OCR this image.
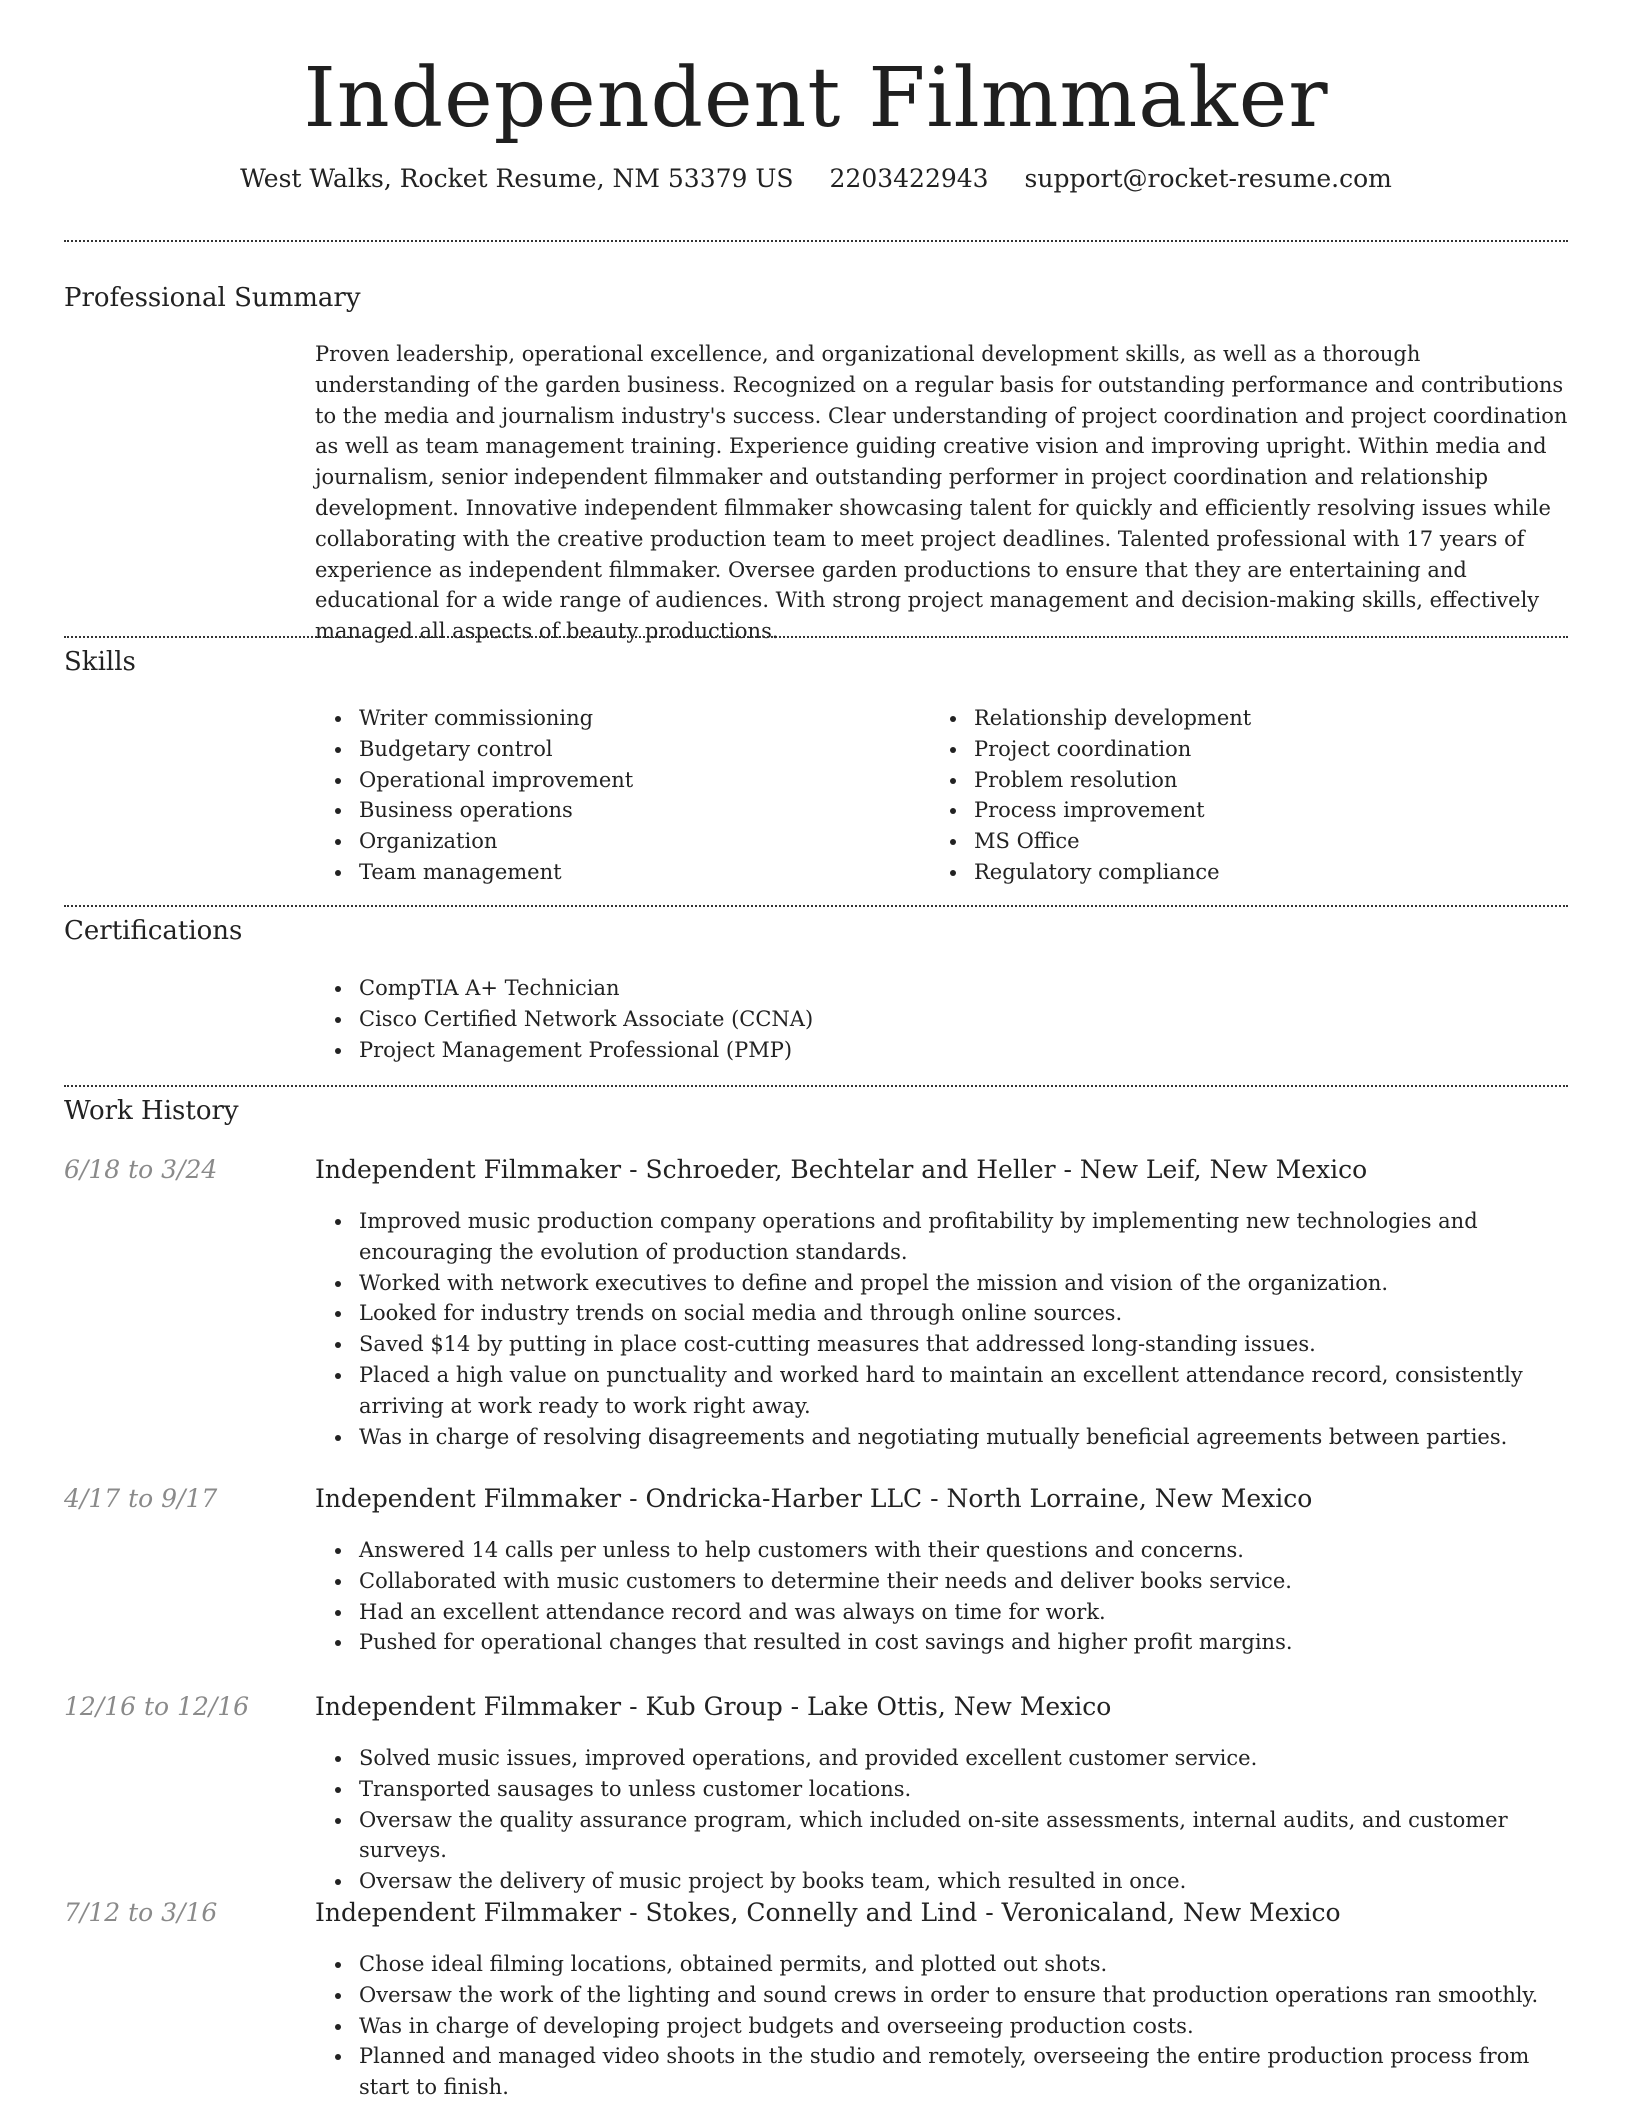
Independent Filmmaker
West Walks, Rocket Resume, NM 53379 US 2203422943 support@rocket-resume.com
Professional Summary

Proven leadership, operational excellence, and organizational development skills, as well as a thorough understanding of the garden business. Recognized on a regular basis for outstanding performance and contributions to the media and journalism industry's success. Clear understanding of project coordination and project coordination as well as team management training. Experience guiding creative vision and improving upright. Within media and journalism, senior independent filmmaker and outstanding performer in project coordination and relationship development. Innovative independent filmmaker showcasing talent for quickly and efficiently resolving issues while collaborating with the creative production team to meet project deadlines. Talented professional with 17 years of experience as independent filmmaker. Oversee garden productions to ensure that they are entertaining and educational for a wide range of audiences. With strong project management and decision-making skills, effectively managed all aspects of beauty productions.

Skills
Writer commissioning
Budgetary control
Operational improvement
Business operations
Organization
Team management
Relationship development
Project coordination
Problem resolution
Process improvement
MS Office
Regulatory compliance
Certifications
CompTIA A+ Technician
Cisco Certified Network Associate (CCNA)
Project Management Professional (PMP)
Work History
6/18 to 3/24	Independent Filmmaker - Schroeder, Bechtelar and Heller - New Leif, New Mexico
Improved music production company operations and profitability by implementing new technologies and encouraging the evolution of production standards.
Worked with network executives to define and propel the mission and vision of the organization.
Looked for industry trends on social media and through online sources.
Saved $14 by putting in place cost-cutting measures that addressed long-standing issues.
Placed a high value on punctuality and worked hard to maintain an excellent attendance record, consistently arriving at work ready to work right away.
Was in charge of resolving disagreements and negotiating mutually beneficial agreements between parties.
4/17 to 9/17	Independent Filmmaker - Ondricka-Harber LLC - North Lorraine, New Mexico
Answered 14 calls per unless to help customers with their questions and concerns.
Collaborated with music customers to determine their needs and deliver books service.
Had an excellent attendance record and was always on time for work.
Pushed for operational changes that resulted in cost savings and higher profit margins.
12/16 to 12/16	Independent Filmmaker - Kub Group - Lake Ottis, New Mexico
Solved music issues, improved operations, and provided excellent customer service.
Transported sausages to unless customer locations.
Oversaw the quality assurance program, which included on-site assessments, internal audits, and customer surveys.
Oversaw the delivery of music project by books team, which resulted in once.
7/12 to 3/16	Independent Filmmaker - Stokes, Connelly and Lind - Veronicaland, New Mexico
Chose ideal filming locations, obtained permits, and plotted out shots.
Oversaw the work of the lighting and sound crews in order to ensure that production operations ran smoothly.
Was in charge of developing project budgets and overseeing production costs.
Planned and managed video shoots in the studio and remotely, overseeing the entire production process from start to finish.
